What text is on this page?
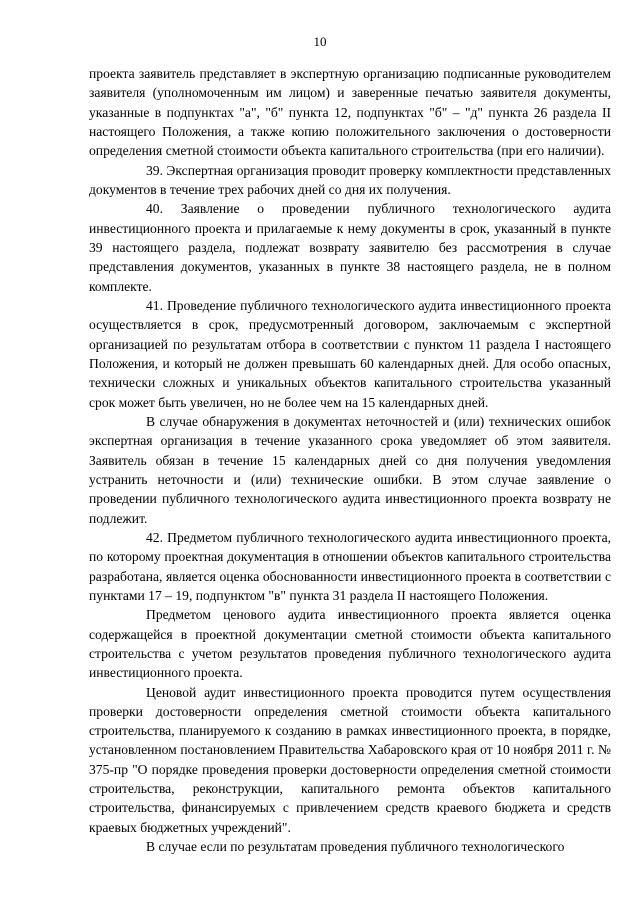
10

проекта заявитель представляет в экспертную организацию подписанные руководителем заявителя (уполномоченным им лицом) и заверенные печатью заявителя документы, указанные в подпунктах "а", "б" пункта 12, подпунктах "б" – "д" пункта 26 раздела II настоящего Положения, а также копию положительного заключения о достоверности определения сметной стоимости объекта капитального строительства (при его наличии).

39. Экспертная организация проводит проверку комплектности представленных документов в течение трех рабочих дней со дня их получения.

40. Заявление о проведении публичного технологического аудита инвестиционного проекта и прилагаемые к нему документы в срок, указанный в пункте 39 настоящего раздела, подлежат возврату заявителю без рассмотрения в случае представления документов, указанных в пункте 38 настоящего раздела, не в полном комплекте.

41. Проведение публичного технологического аудита инвестиционного проекта осуществляется в срок, предусмотренный договором, заключаемым с экспертной организацией по результатам отбора в соответствии с пунктом 11 раздела I настоящего Положения, и который не должен превышать 60 календарных дней. Для особо опасных, технически сложных и уникальных объектов капитального строительства указанный срок может быть увеличен, но не более чем на 15 календарных дней.

В случае обнаружения в документах неточностей и (или) технических ошибок экспертная организация в течение указанного срока уведомляет об этом заявителя. Заявитель обязан в течение 15 календарных дней со дня получения уведомления устранить неточности и (или) технические ошибки. В этом случае заявление о проведении публичного технологического аудита инвестиционного проекта возврату не подлежит.

42. Предметом публичного технологического аудита инвестиционного проекта, по которому проектная документация в отношении объектов капитального строительства разработана, является оценка обоснованности инвестиционного проекта в соответствии с пунктами 17 – 19, подпунктом "в" пункта 31 раздела II настоящего Положения.

Предметом ценового аудита инвестиционного проекта является оценка содержащейся в проектной документации сметной стоимости объекта капитального строительства с учетом результатов проведения публичного технологического аудита инвестиционного проекта.

Ценовой аудит инвестиционного проекта проводится путем осуществления проверки достоверности определения сметной стоимости объекта капитального строительства, планируемого к созданию в рамках инвестиционного проекта, в порядке, установленном постановлением Правительства Хабаровского края от 10 ноября 2011 г. № 375-пр "О порядке проведения проверки достоверности определения сметной стоимости строительства, реконструкции, капитального ремонта объектов капитального строительства, финансируемых с привлечением средств краевого бюджета и средств краевых бюджетных учреждений".

В случае если по результатам проведения публичного технологического
